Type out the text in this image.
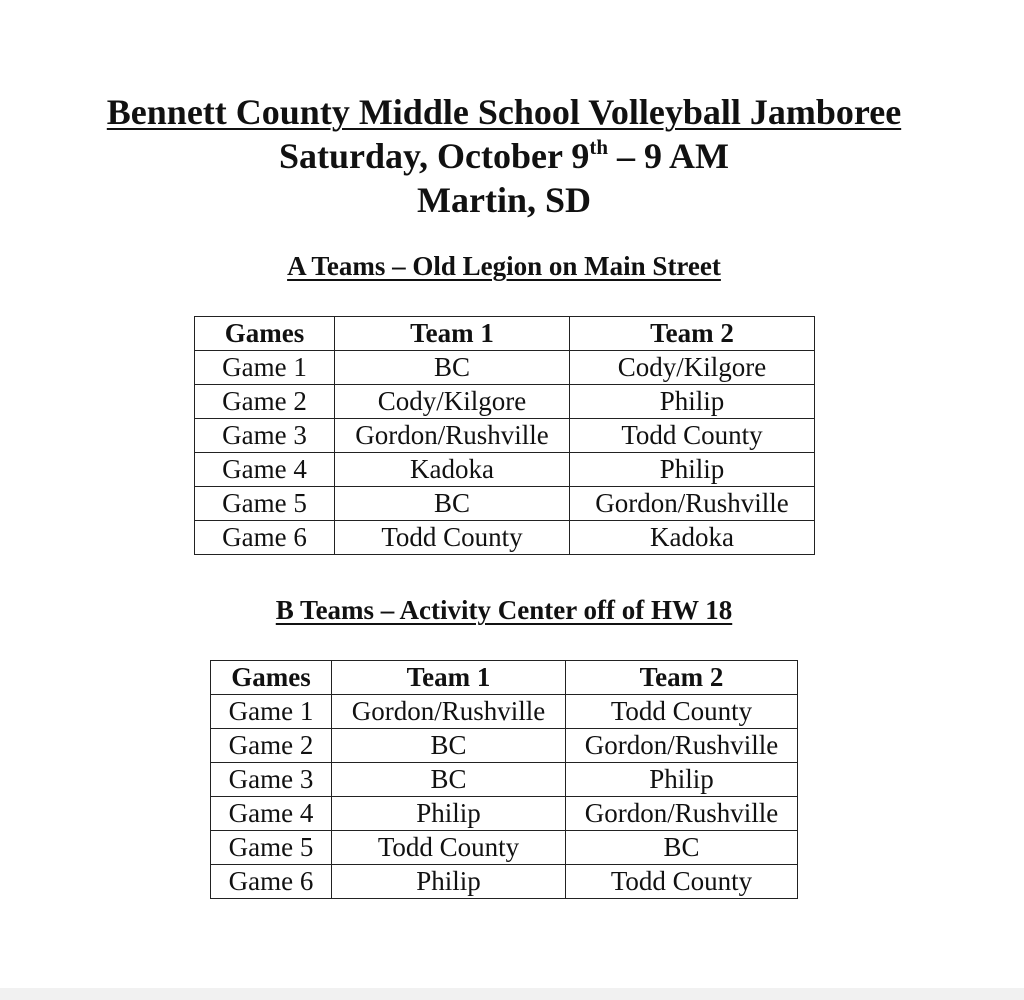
Bennett County Middle School Volleyball Jamboree
Saturday, October 9th – 9 AM
Martin, SD
A Teams – Old Legion on Main Street
Games	Team 1	Team 2
Game 1	BC	Cody/Kilgore
Game 2	Cody/Kilgore	Philip
Game 3	Gordon/Rushville	Todd County
Game 4	Kadoka	Philip
Game 5	BC	Gordon/Rushville
Game 6	Todd County	Kadoka
B Teams – Activity Center off of HW 18
Games	Team 1	Team 2
Game 1	Gordon/Rushville	Todd County
Game 2	BC	Gordon/Rushville
Game 3	BC	Philip
Game 4	Philip	Gordon/Rushville
Game 5	Todd County	BC
Game 6	Philip	Todd County
